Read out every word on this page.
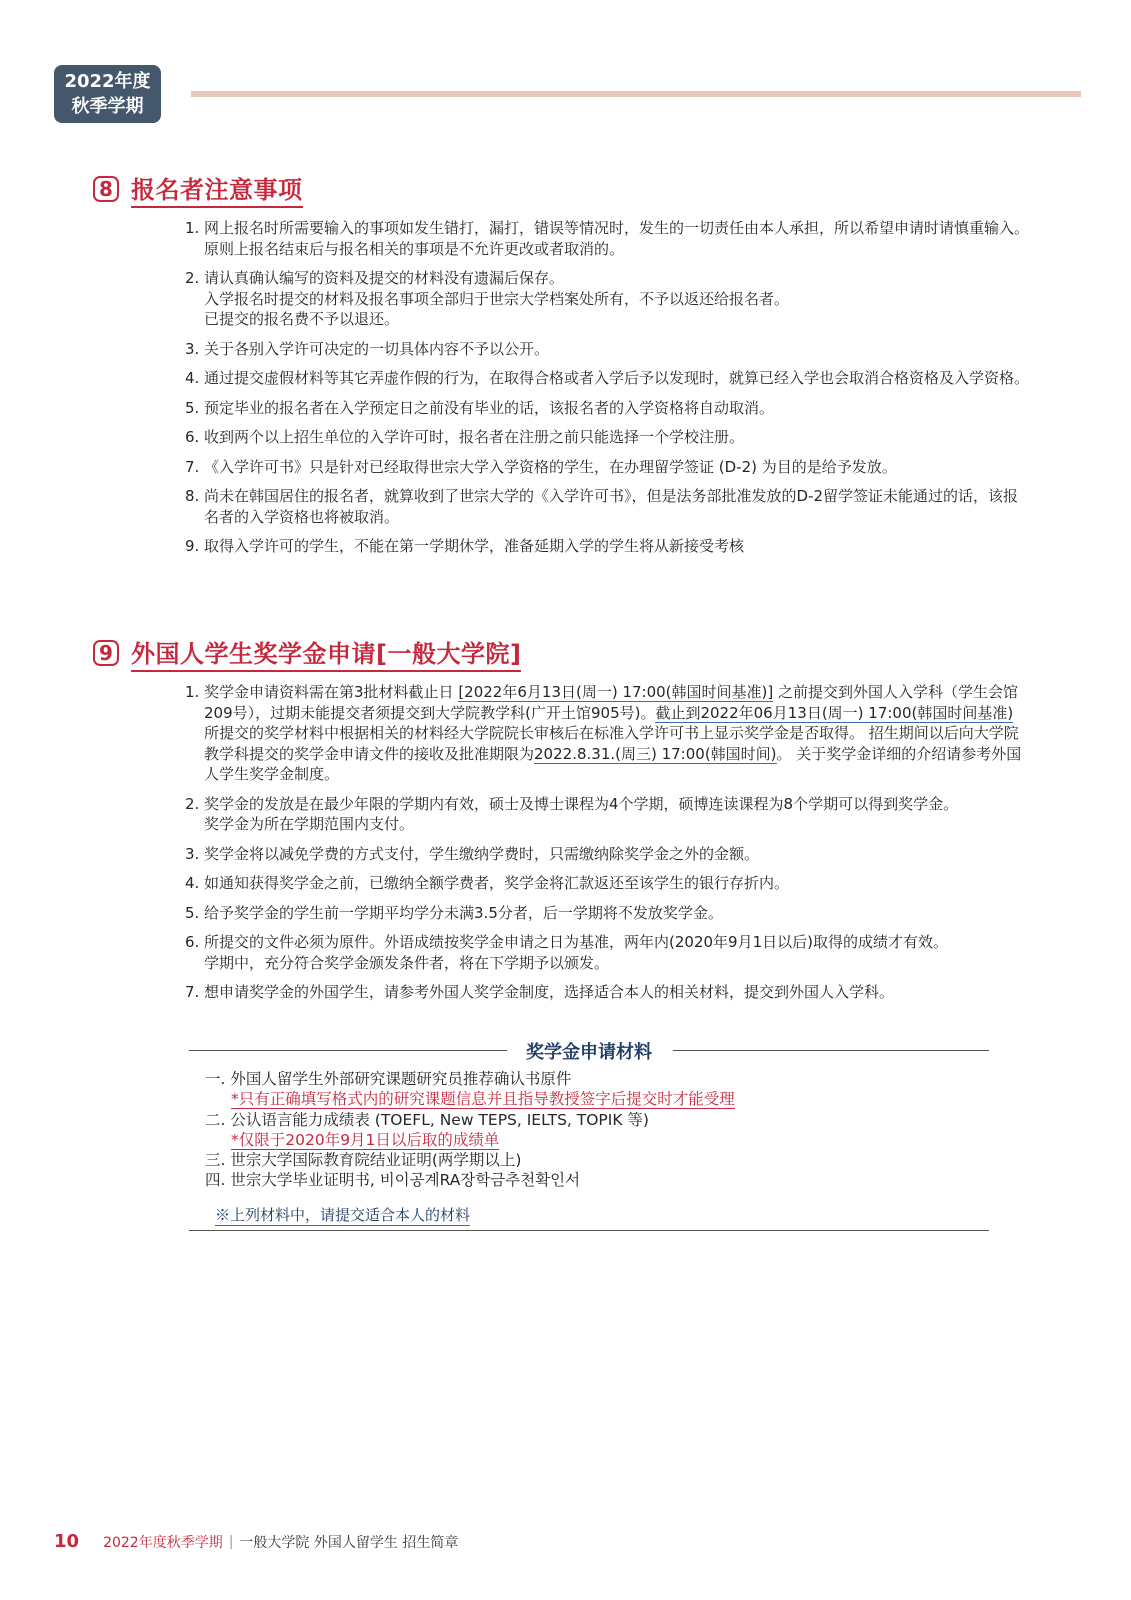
2022年度
秋季学期
8 报名者注意事项
1. 网上报名时所需要输入的事项如发生错打，漏打，错误等情况时，发生的一切责任由本人承担，所以希望申请时请慎重输入。原则上报名结束后与报名相关的事项是不允许更改或者取消的。
2. 请认真确认编写的资料及提交的材料没有遗漏后保存。
入学报名时提交的材料及报名事项全部归于世宗大学档案处所有，不予以返还给报名者。
已提交的报名费不予以退还。
3. 关于各别入学许可决定的一切具体内容不予以公开。
4. 通过提交虚假材料等其它弄虚作假的行为，在取得合格或者入学后予以发现时，就算已经入学也会取消合格资格及入学资格。
5. 预定毕业的报名者在入学预定日之前没有毕业的话，该报名者的入学资格将自动取消。
6. 收到两个以上招生单位的入学许可时，报名者在注册之前只能选择一个学校注册。
7. 《入学许可书》只是针对已经取得世宗大学入学资格的学生，在办理留学签证 (D-2) 为目的是给予发放。
8. 尚未在韩国居住的报名者，就算收到了世宗大学的《入学许可书》，但是法务部批准发放的D-2留学签证未能通过的话，该报名者的入学资格也将被取消。
9. 取得入学许可的学生，不能在第一学期休学，准备延期入学的学生将从新接受考核
9 外国人学生奖学金申请[一般大学院]
1. 奖学金申请资料需在第3批材料截止日 [2022年6月13日(周一) 17:00(韩国时间基准)] 之前提交到外国人入学科（学生会馆209号），过期未能提交者须提交到大学院教学科(广开土馆905号)。截止到2022年06月13日(周一) 17:00(韩国时间基准) 所提交的奖学材料中根据相关的材料经大学院院长审核后在标准入学许可书上显示奖学金是否取得。 招生期间以后向大学院教学科提交的奖学金申请文件的接收及批准期限为2022.8.31.(周三) 17:00(韩国时间)。 关于奖学金详细的介绍请参考外国人学生奖学金制度。
2. 奖学金的发放是在最少年限的学期内有效，硕士及博士课程为4个学期，硕博连读课程为8个学期可以得到奖学金。
奖学金为所在学期范围内支付。
3. 奖学金将以减免学费的方式支付，学生缴纳学费时，只需缴纳除奖学金之外的金额。
4. 如通知获得奖学金之前，已缴纳全额学费者，奖学金将汇款返还至该学生的银行存折内。
5. 给予奖学金的学生前一学期平均学分未满3.5分者，后一学期将不发放奖学金。
6. 所提交的文件必须为原件。外语成绩按奖学金申请之日为基准，两年内(2020年9月1日以后)取得的成绩才有效。
学期中，充分符合奖学金颁发条件者，将在下学期予以颁发。
7. 想申请奖学金的外国学生，请参考外国人奖学金制度，选择适合本人的相关材料，提交到外国人入学科。
奖学金申请材料
一. 外国人留学生外部研究课题研究员推荐确认书原件
*只有正确填写格式内的研究课题信息并且指导教授签字后提交时才能受理
二. 公认语言能力成绩表 (TOEFL, New TEPS, IELTS, TOPIK 等)
*仅限于2020年9月1日以后取的成绩单
三. 世宗大学国际教育院结业证明(两学期以上)
四. 世宗大学毕业证明书, 비이공계RA장학금추천확인서
※上列材料中，请提交适合本人的材料
10 2022年度秋季学期 | 一般大学院 外国人留学生 招生简章
